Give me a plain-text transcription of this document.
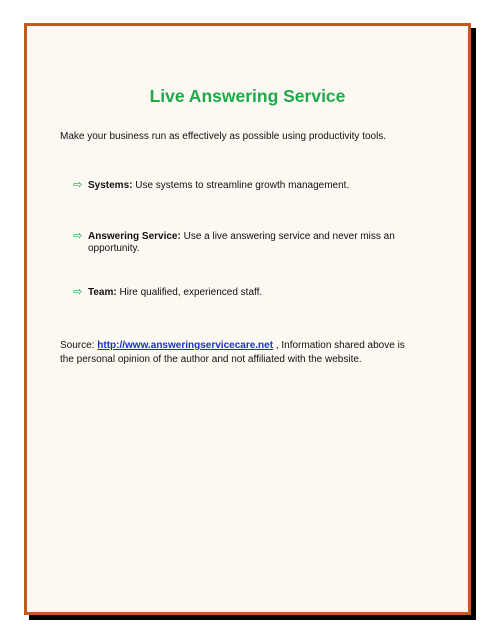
Live Answering Service
Make your business run as effectively as possible using productivity tools.
⇨ Systems: Use systems to streamline growth management.
⇨ Answering Service: Use a live answering service and never miss an opportunity.
⇨ Team: Hire qualified, experienced staff.
Source: http://www.answeringservicecare.net , Information shared above is the personal opinion of the author and not affiliated with the website.
